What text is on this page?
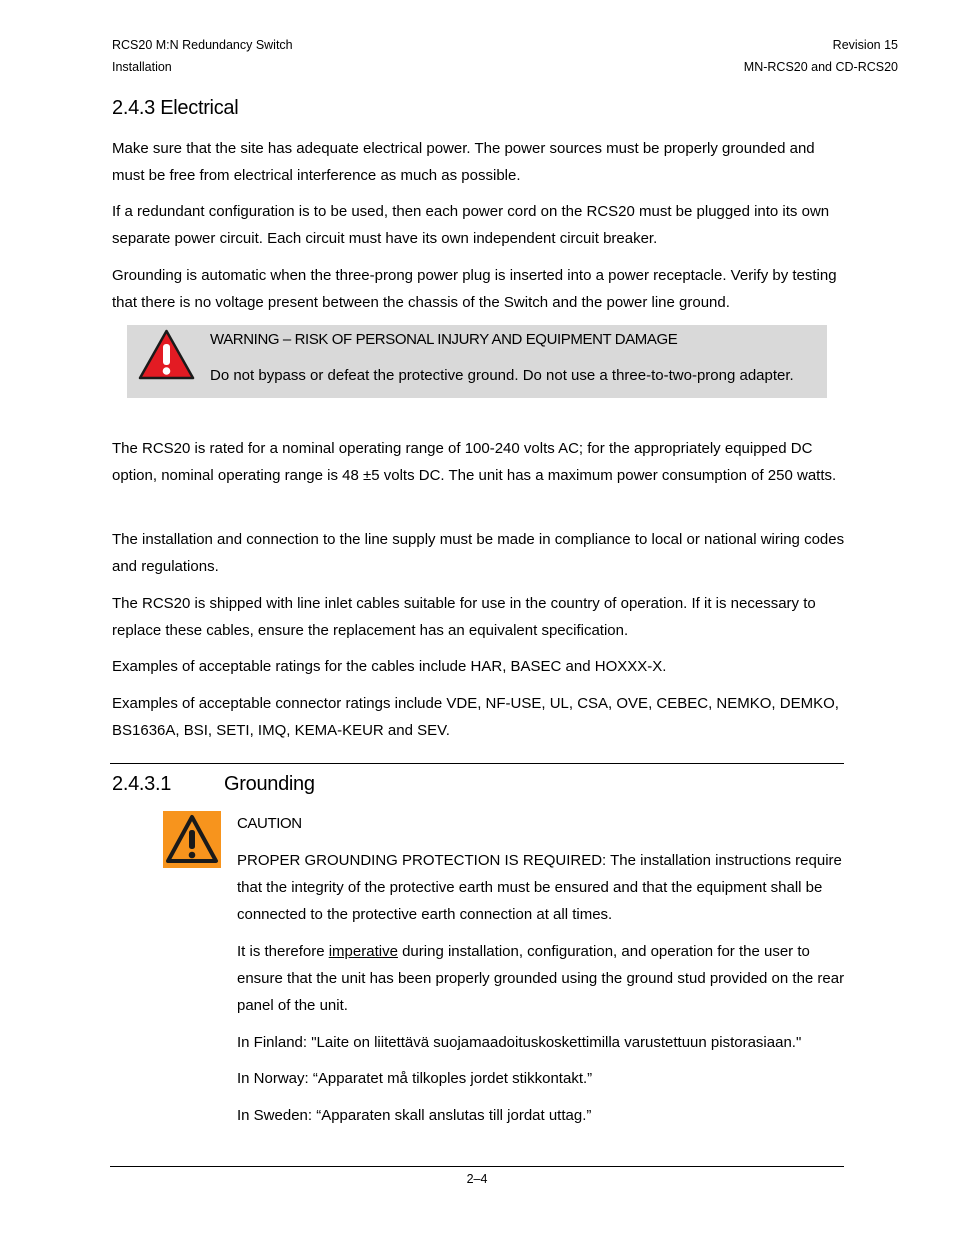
RCS20 M:N Redundancy Switch
Installation
Revision 15
MN-RCS20 and CD-RCS20
2.4.3 Electrical

Make sure that the site has adequate electrical power. The power sources must be properly grounded and must be free from electrical interference as much as possible.

If a redundant configuration is to be used, then each power cord on the RCS20 must be plugged into its own separate power circuit. Each circuit must have its own independent circuit breaker.

Grounding is automatic when the three-prong power plug is inserted into a power receptacle. Verify by testing that there is no voltage present between the chassis of the Switch and the power line ground.

WARNING – RISK OF PERSONAL INJURY AND EQUIPMENT DAMAGE
Do not bypass or defeat the protective ground. Do not use a three-to-two-prong adapter.

The RCS20 is rated for a nominal operating range of 100-240 volts AC; for the appropriately equipped DC option, nominal operating range is 48 ±5 volts DC. The unit has a maximum power consumption of 250 watts.

The installation and connection to the line supply must be made in compliance to local or national wiring codes and regulations.

The RCS20 is shipped with line inlet cables suitable for use in the country of operation. If it is necessary to replace these cables, ensure the replacement has an equivalent specification.

Examples of acceptable ratings for the cables include HAR, BASEC and HOXXX-X.

Examples of acceptable connector ratings include VDE, NF-USE, UL, CSA, OVE, CEBEC, NEMKO, DEMKO, BS1636A, BSI, SETI, IMQ, KEMA-KEUR and SEV.

2.4.3.1	Grounding
CAUTION

PROPER GROUNDING PROTECTION IS REQUIRED: The installation instructions require that the integrity of the protective earth must be ensured and that the equipment shall be connected to the protective earth connection at all times.

It is therefore imperative during installation, configuration, and operation for the user to ensure that the unit has been properly grounded using the ground stud provided on the rear panel of the unit.

In Finland: "Laite on liitettävä suojamaadoituskoskettimilla varustettuun pistorasiaan."

In Norway: “Apparatet må tilkoples jordet stikkontakt.”

In Sweden: “Apparaten skall anslutas till jordat uttag.”

2–4
